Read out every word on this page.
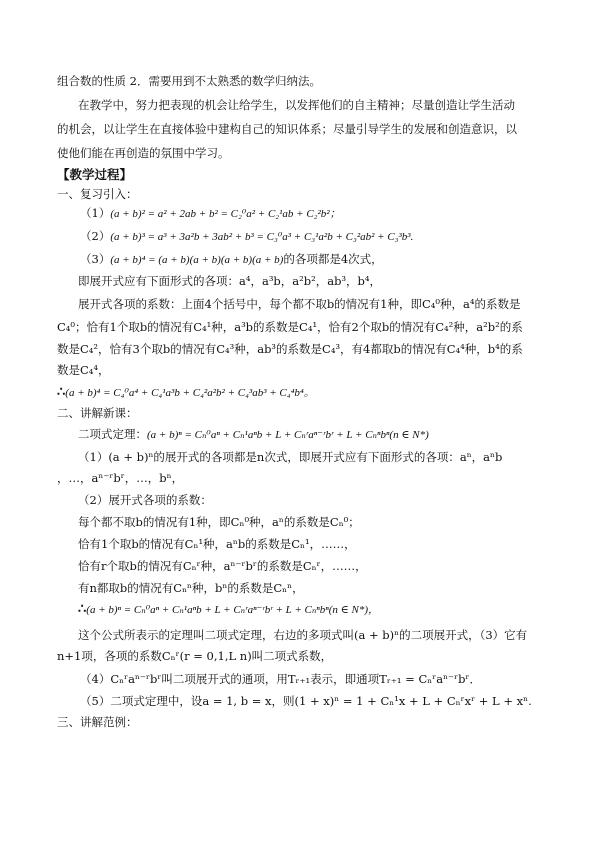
组合数的性质 2．需要用到不太熟悉的数学归纳法。
在教学中，努力把表现的机会让给学生，以发挥他们的自主精神；尽量创造让学生活动
的机会，以让学生在直接体验中建构自己的知识体系；尽量引导学生的发展和创造意识，以
使他们能在再创造的氛围中学习。
【教学过程】
一、复习引入：
（1）(a + b)² = a² + 2ab + b² = C₂⁰a² + C₂¹ab + C₂²b²；
（2）(a + b)³ = a³ + 3a²b + 3ab² + b³ = C₃⁰a³ + C₃¹a²b + C₃²ab² + C₃³b³.
（3）(a + b)⁴ = (a + b)(a + b)(a + b)(a + b)的各项都是4次式，
即展开式应有下面形式的各项：a⁴，a³b，a²b²，ab³，b⁴，
展开式各项的系数：上面4个括号中，每个都不取b的情况有1种，即C₄⁰种，a⁴的系数是
C₄⁰；恰有1个取b的情况有C₄¹种，a³b的系数是C₄¹，恰有2个取b的情况有C₄²种，a²b²的系
数是C₄²，恰有3个取b的情况有C₄³种，ab³的系数是C₄³，有4都取b的情况有C₄⁴种，b⁴的系
数是C₄⁴，
∴(a + b)⁴ = C₄⁰a⁴ + C₄¹a³b + C₄²a²b² + C₄³ab³ + C₄⁴b⁴。
二、讲解新课：
二项式定理：(a + b)ⁿ = Cₙ⁰aⁿ + Cₙ¹aⁿb + L + Cₙʳaⁿ⁻ʳbʳ + L + Cₙⁿbⁿ(n ∈ N*)
（1）(a + b)ⁿ的展开式的各项都是n次式，即展开式应有下面形式的各项：aⁿ，aⁿb
，…，aⁿ⁻ʳbʳ，…，bⁿ，
（2）展开式各项的系数：
每个都不取b的情况有1种，即Cₙ⁰种，aⁿ的系数是Cₙ⁰；
恰有1个取b的情况有Cₙ¹种，aⁿb的系数是Cₙ¹，……，
恰有r个取b的情况有Cₙʳ种，aⁿ⁻ʳbʳ的系数是Cₙʳ，……，
有n都取b的情况有Cₙⁿ种，bⁿ的系数是Cₙⁿ，
∴(a + b)ⁿ = Cₙ⁰aⁿ + Cₙ¹aⁿb + L + Cₙʳaⁿ⁻ʳbʳ + L + Cₙⁿbⁿ(n ∈ N*)，
这个公式所表示的定理叫二项式定理，右边的多项式叫(a + b)ⁿ的二项展开式，（3）它有
n+1项，各项的系数Cₙʳ(r = 0,1,L n)叫二项式系数，
（4）Cₙʳaⁿ⁻ʳbʳ叫二项展开式的通项，用Tᵣ₊₁表示，即通项Tᵣ₊₁ = Cₙʳaⁿ⁻ʳbʳ．
（5）二项式定理中，设a = 1, b = x，则(1 + x)ⁿ = 1 + Cₙ¹x + L + Cₙʳxʳ + L + xⁿ.
三、讲解范例：
